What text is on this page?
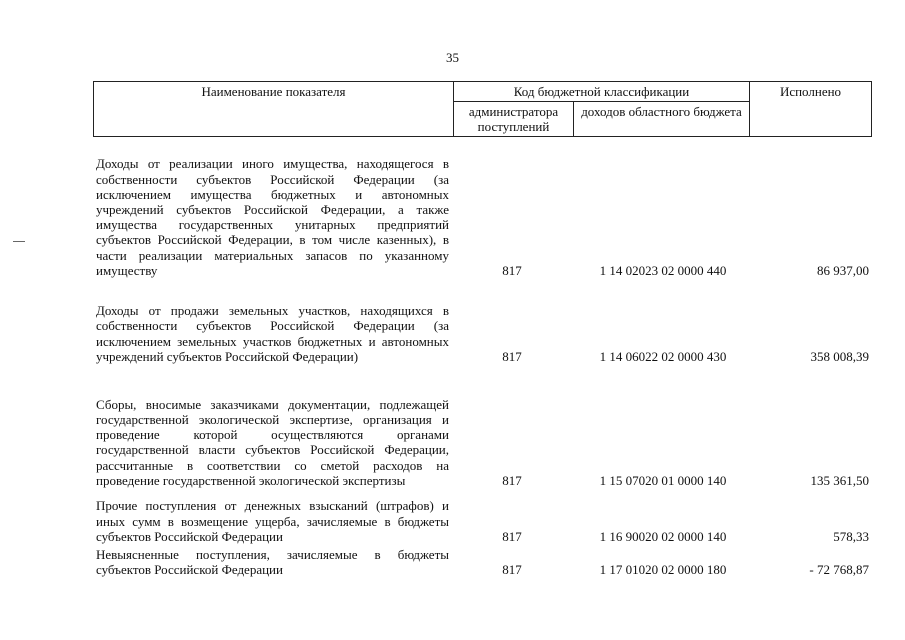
35
Наименование показателя	Код бюджетной классификации		Исполнено
	администратора поступлений	доходов областного бюджета	
Доходы от реализации иного имущества, находящегося в собственности субъектов Российской Федерации (за исключением имущества бюджетных и автономных учреждений субъектов Российской Федерации, а также имущества государственных унитарных предприятий субъектов Российской Федерации, в том числе казенных), в части реализации материальных запасов по указанному имуществу	817	1 14 02023 02 0000 440	86 937,00
Доходы от продажи земельных участков, находящихся в собственности субъектов Российской Федерации (за исключением земельных участков бюджетных и автономных учреждений субъектов Российской Федерации)	817	1 14 06022 02 0000 430	358 008,39
Сборы, вносимые заказчиками документации, подлежащей государственной экологической экспертизе, организация и проведение которой осуществляются органами государственной власти субъектов Российской Федерации, рассчитанные в соответствии со сметой расходов на проведение государственной экологической экспертизы	817	1 15 07020 01 0000 140	135 361,50
Прочие поступления от денежных взысканий (штрафов) и иных сумм в возмещение ущерба, зачисляемые в бюджеты субъектов Российской Федерации	817	1 16 90020 02 0000 140	578,33
Невыясненные поступления, зачисляемые в бюджеты субъектов Российской Федерации	817	1 17 01020 02 0000 180	- 72 768,87
